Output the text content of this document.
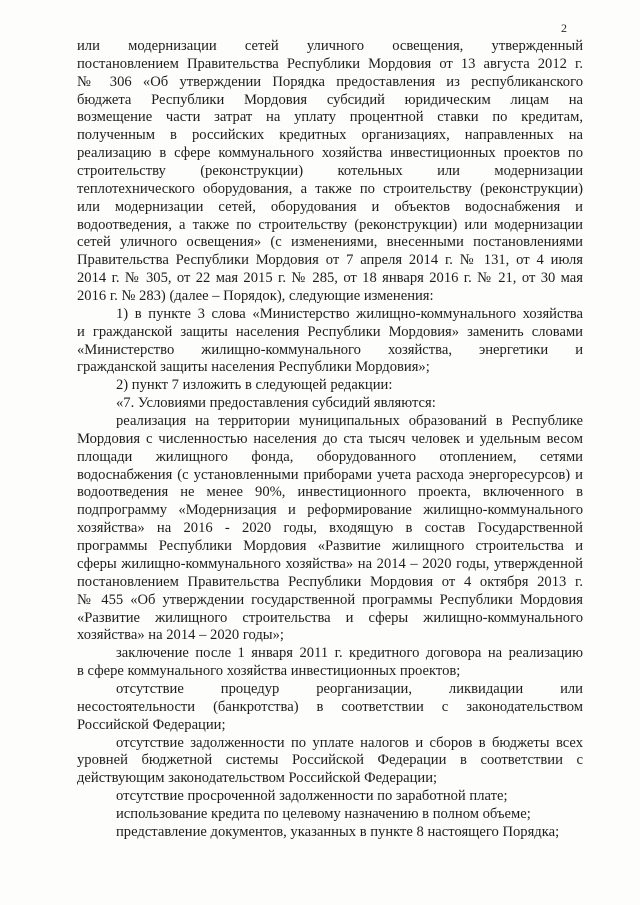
2
или модернизации сетей уличного освещения, утвержденный
постановлением Правительства Республики Мордовия от 13 августа 2012 г.
№ 306 «Об утверждении Порядка предоставления из республиканского
бюджета Республики Мордовия субсидий юридическим лицам на
возмещение части затрат на уплату процентной ставки по кредитам,
полученным в российских кредитных организациях, направленных на
реализацию в сфере коммунального хозяйства инвестиционных проектов по
строительству (реконструкции) котельных или модернизации
теплотехнического оборудования, а также по строительству (реконструкции)
или модернизации сетей, оборудования и объектов водоснабжения и
водоотведения, а также по строительству (реконструкции) или модернизации
сетей уличного освещения» (с изменениями, внесенными постановлениями
Правительства Республики Мордовия от 7 апреля 2014 г. № 131, от 4 июля
2014 г. № 305, от 22 мая 2015 г. № 285, от 18 января 2016 г. № 21, от 30 мая
2016 г. № 283) (далее – Порядок), следующие изменения:
1) в пункте 3 слова «Министерство жилищно-коммунального хозяйства
и гражданской защиты населения Республики Мордовия» заменить словами
«Министерство жилищно-коммунального хозяйства, энергетики и
гражданской защиты населения Республики Мордовия»;
2) пункт 7 изложить в следующей редакции:
«7. Условиями предоставления субсидий являются:
реализация на территории муниципальных образований в Республике
Мордовия с численностью населения до ста тысяч человек и удельным весом
площади жилищного фонда, оборудованного отоплением, сетями
водоснабжения (с установленными приборами учета расхода энергоресурсов) и
водоотведения не менее 90%, инвестиционного проекта, включенного в
подпрограмму «Модернизация и реформирование жилищно-коммунального
хозяйства» на 2016 - 2020 годы, входящую в состав Государственной
программы Республики Мордовия «Развитие жилищного строительства и
сферы жилищно-коммунального хозяйства» на 2014 – 2020 годы, утвержденной
постановлением Правительства Республики Мордовия от 4 октября 2013 г.
№ 455 «Об утверждении государственной программы Республики Мордовия
«Развитие жилищного строительства и сферы жилищно-коммунального
хозяйства» на 2014 – 2020 годы»;
заключение после 1 января 2011 г. кредитного договора на реализацию
в сфере коммунального хозяйства инвестиционных проектов;
отсутствие процедур реорганизации, ликвидации или
несостоятельности (банкротства) в соответствии с законодательством
Российской Федерации;
отсутствие задолженности по уплате налогов и сборов в бюджеты всех
уровней бюджетной системы Российской Федерации в соответствии с
действующим законодательством Российской Федерации;
отсутствие просроченной задолженности по заработной плате;
использование кредита по целевому назначению в полном объеме;
представление документов, указанных в пункте 8 настоящего Порядка;
